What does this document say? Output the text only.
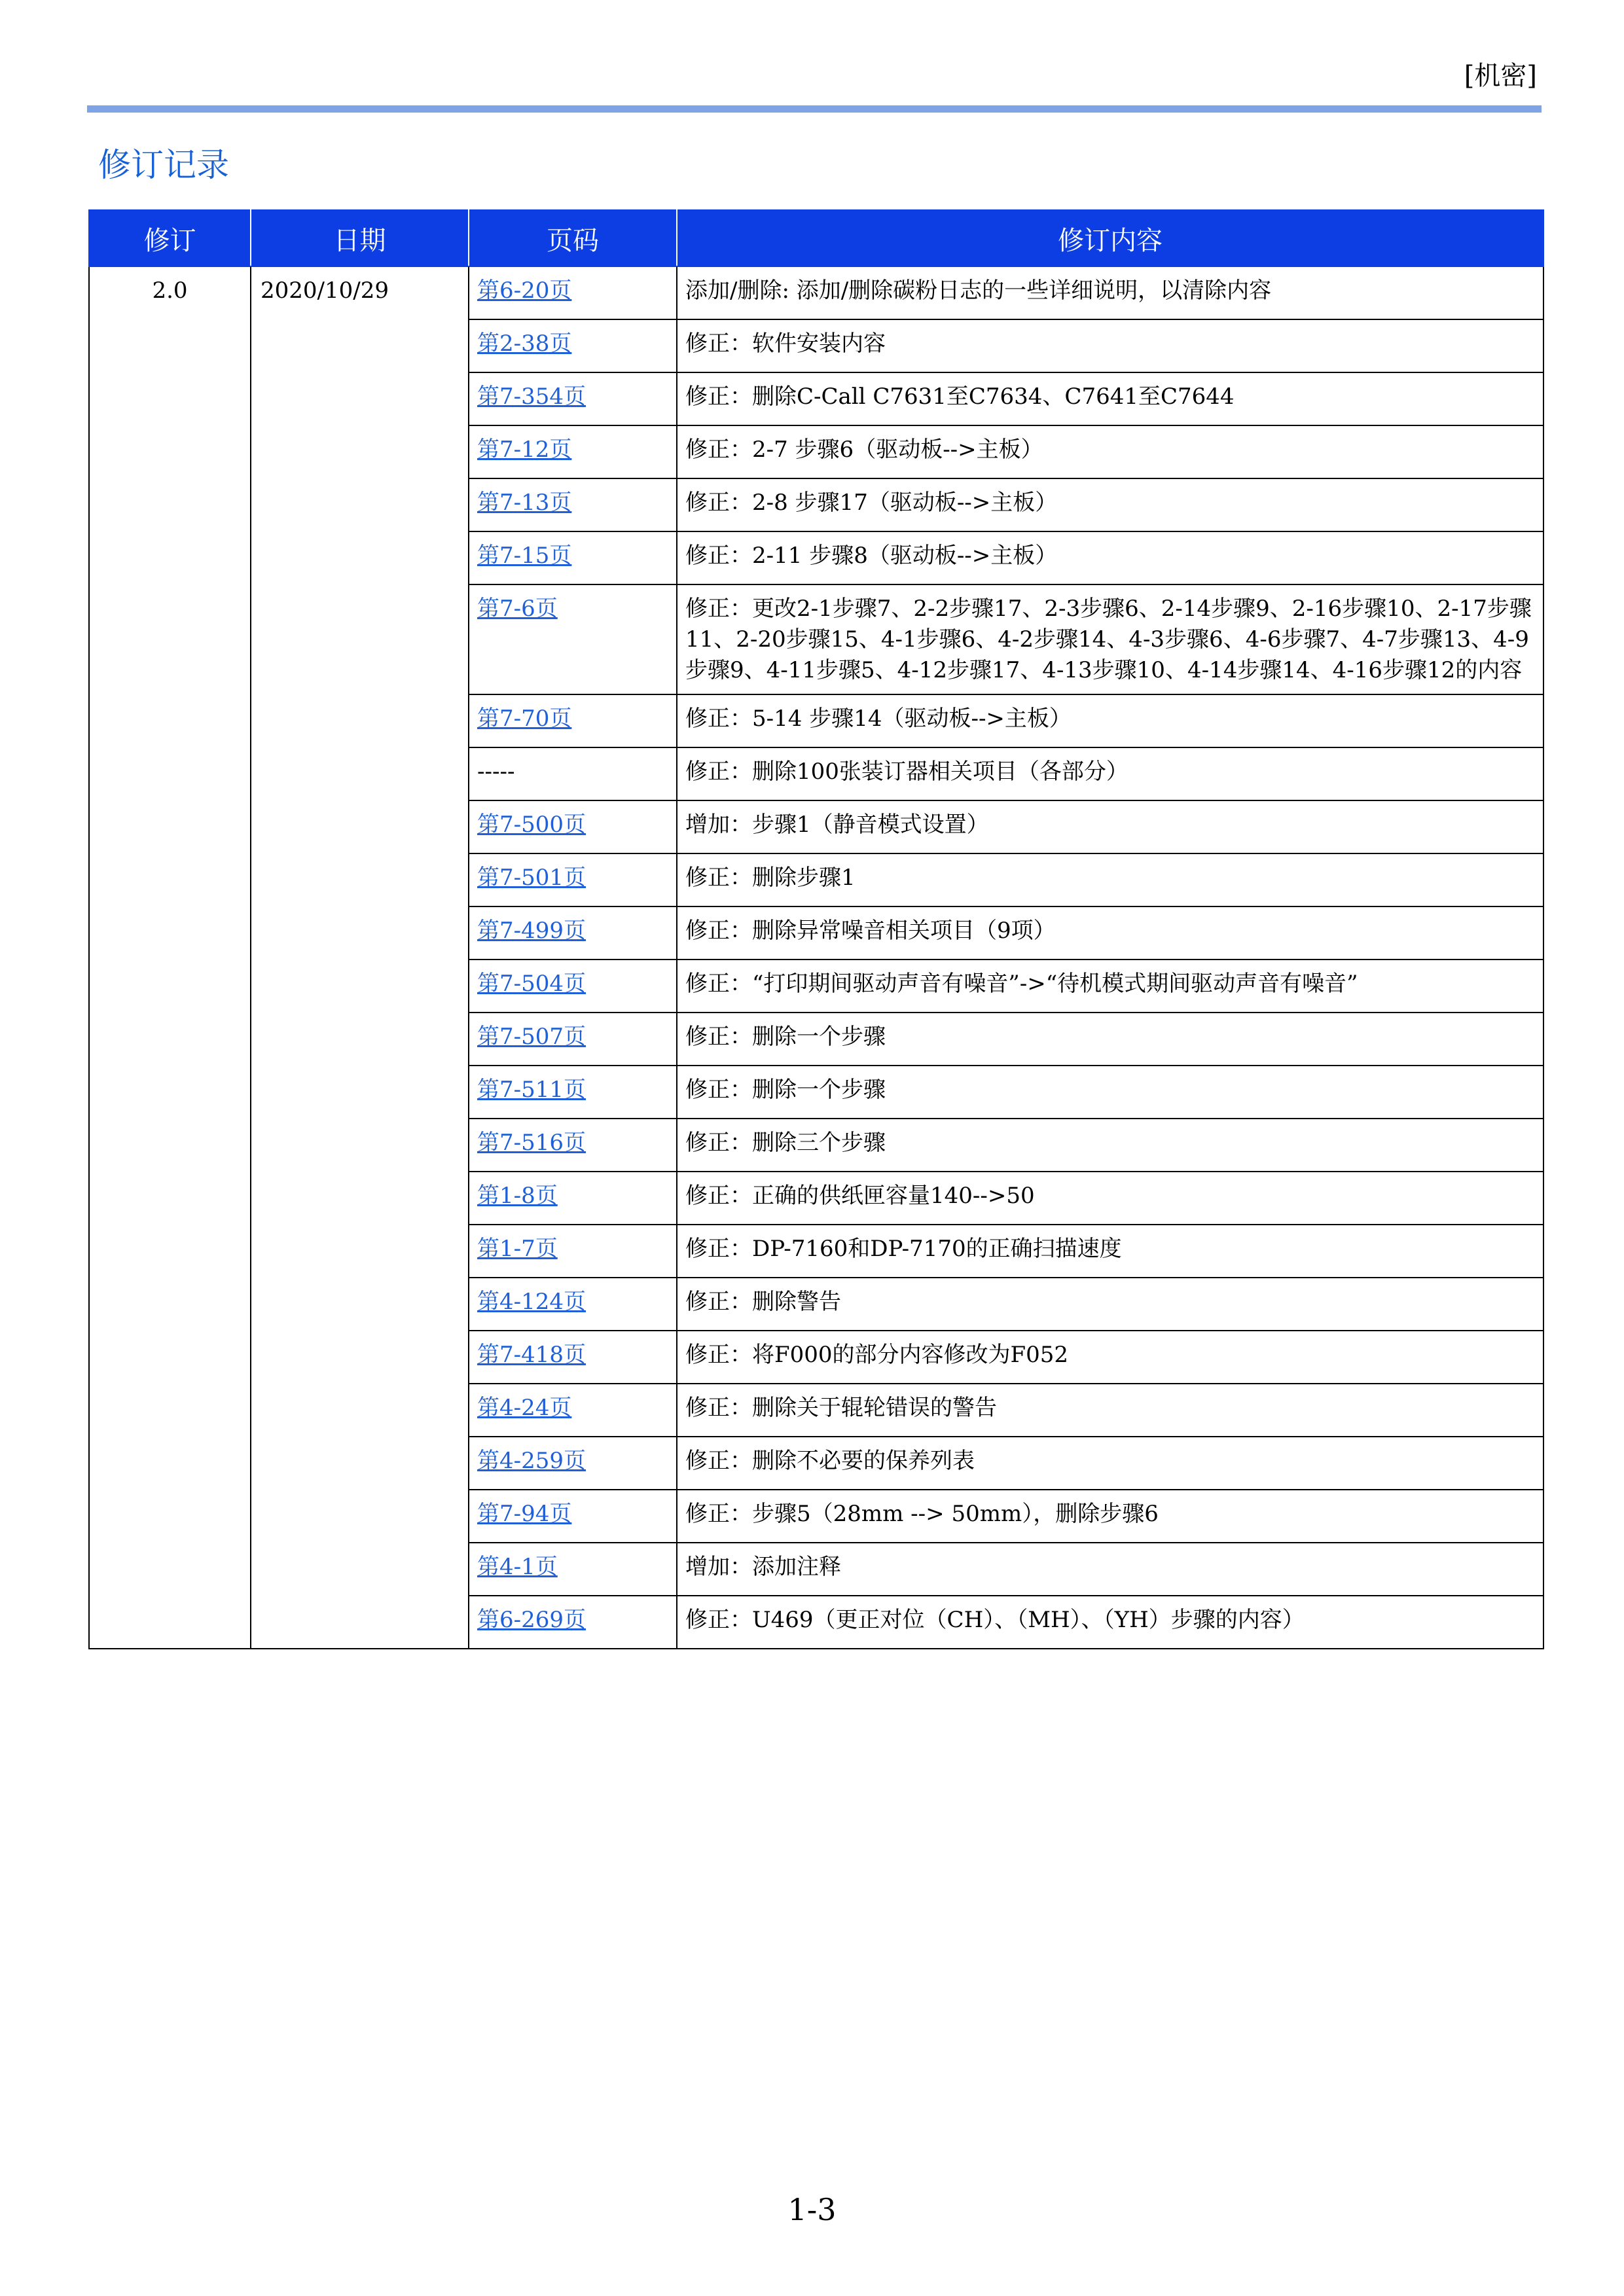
[机密]
修订记录
修订	日期	页码	修订内容
2.0	2020/10/29	第6-20页	添加/删除: 添加/删除碳粉日志的一些详细说明，以清除内容
		第2-38页	修正：软件安装内容
		第7-354页	修正：删除C-Call C7631至C7634、C7641至C7644
		第7-12页	修正：2-7 步骤6（驱动板-->主板）
		第7-13页	修正：2-8 步骤17（驱动板-->主板）
		第7-15页	修正：2-11 步骤8（驱动板-->主板）
		第7-6页	修正：更改2-1步骤7、2-2步骤17、2-3步骤6、2-14步骤9、2-16步骤10、2-17步骤11、2-20步骤15、4-1步骤6、4-2步骤14、4-3步骤6、4-6步骤7、4-7步骤13、4-9步骤9、4-11步骤5、4-12步骤17、4-13步骤10、4-14步骤14、4-16步骤12的内容
		第7-70页	修正：5-14 步骤14（驱动板-->主板）
		-----	修正：删除100张装订器相关项目（各部分）
		第7-500页	增加：步骤1（静音模式设置）
		第7-501页	修正：删除步骤1
		第7-499页	修正：删除异常噪音相关项目（9项）
		第7-504页	修正：“打印期间驱动声音有噪音”->“待机模式期间驱动声音有噪音”
		第7-507页	修正：删除一个步骤
		第7-511页	修正：删除一个步骤
		第7-516页	修正：删除三个步骤
		第1-8页	修正：正确的供纸匣容量140-->50
		第1-7页	修正：DP-7160和DP-7170的正确扫描速度
		第4-124页	修正：删除警告
		第7-418页	修正：将F000的部分内容修改为F052
		第4-24页	修正：删除关于辊轮错误的警告
		第4-259页	修正：删除不必要的保养列表
		第7-94页	修正：步骤5（28mm --> 50mm），删除步骤6
		第4-1页	增加：添加注释
		第6-269页	修正：U469（更正对位（CH）、（MH）、（YH）步骤的内容）
1-3
